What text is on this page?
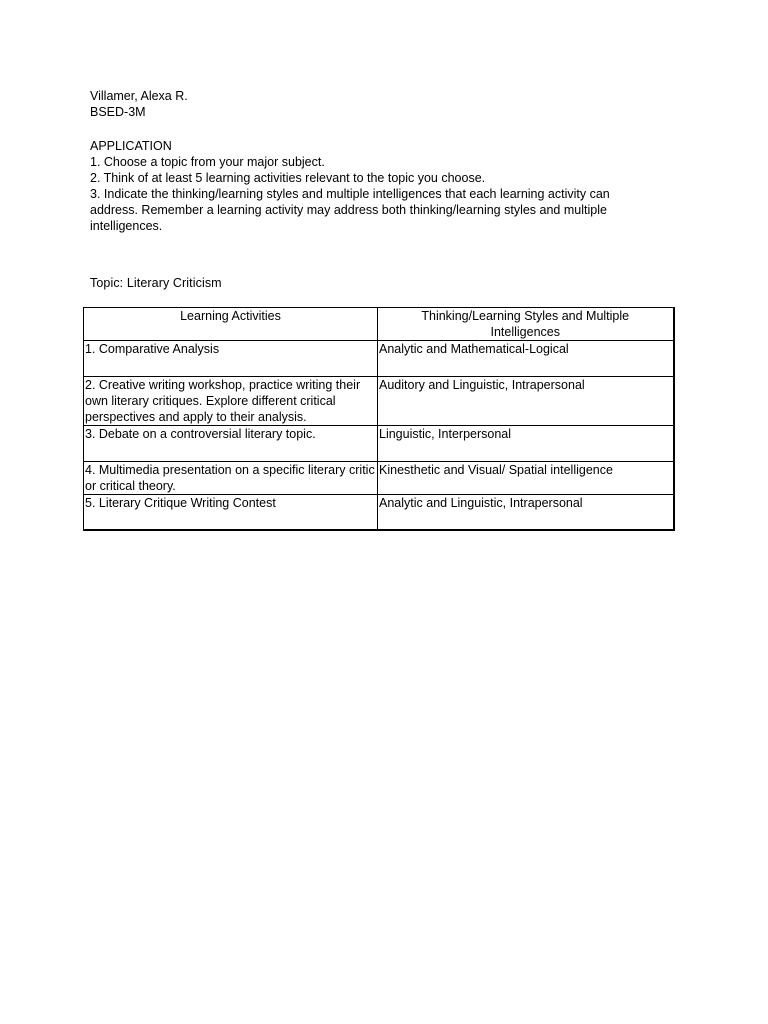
Villamer, Alexa R.
BSED-3M
APPLICATION
1. Choose a topic from your major subject.
2. Think of at least 5 learning activities relevant to the topic you choose.
3. Indicate the thinking/learning styles and multiple intelligences that each learning activity can address. Remember a learning activity may address both thinking/learning styles and multiple intelligences.
Topic: Literary Criticism
Learning Activities	Thinking/Learning Styles and Multiple Intelligences
1. Comparative Analysis	Analytic and Mathematical-Logical
2. Creative writing workshop, practice writing their own literary critiques. Explore different critical perspectives and apply to their analysis.	Auditory and Linguistic, Intrapersonal
3. Debate on a controversial literary topic.	Linguistic, Interpersonal
4. Multimedia presentation on a specific literary critic or critical theory.	Kinesthetic and Visual/ Spatial intelligence
5. Literary Critique Writing Contest	Analytic and Linguistic, Intrapersonal
